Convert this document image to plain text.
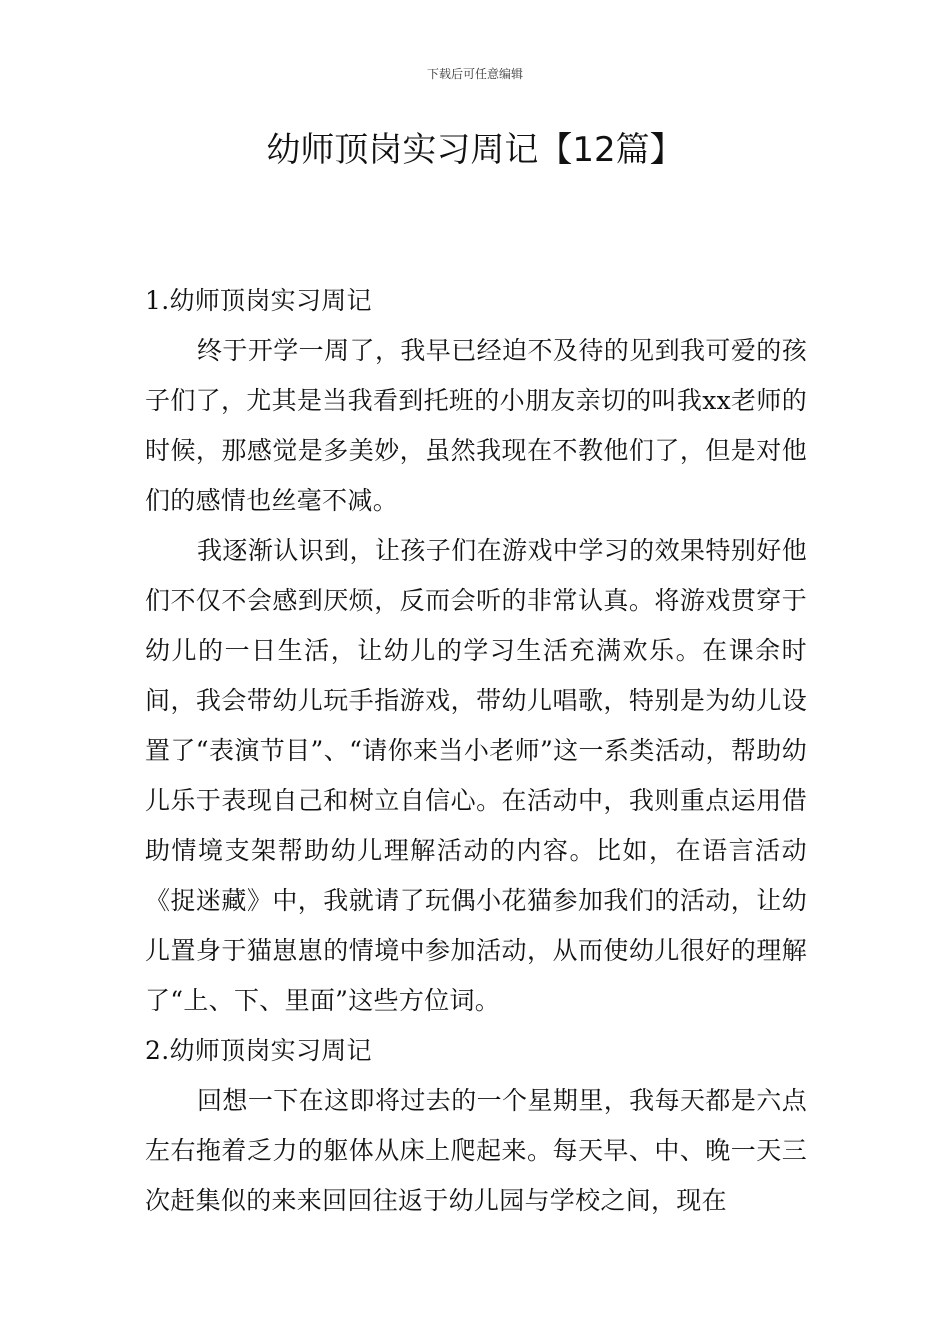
下载后可任意编辑
幼师顶岗实习周记【12篇】

1.幼师顶岗实习周记

终于开学一周了，我早已经迫不及待的见到我可爱的孩子们了，尤其是当我看到托班的小朋友亲切的叫我xx老师的时候，那感觉是多美妙，虽然我现在不教他们了，但是对他们的感情也丝毫不减。

我逐渐认识到，让孩子们在游戏中学习的效果特别好他们不仅不会感到厌烦，反而会听的非常认真。将游戏贯穿于幼儿的一日生活，让幼儿的学习生活充满欢乐。在课余时间，我会带幼儿玩手指游戏，带幼儿唱歌，特别是为幼儿设置了“表演节目”、“请你来当小老师”这一系类活动，帮助幼儿乐于表现自己和树立自信心。在活动中，我则重点运用借助情境支架帮助幼儿理解活动的内容。比如，在语言活动《捉迷藏》中，我就请了玩偶小花猫参加我们的活动，让幼儿置身于猫崽崽的情境中参加活动，从而使幼儿很好的理解了“上、下、里面”这些方位词。

2.幼师顶岗实习周记

回想一下在这即将过去的一个星期里，我每天都是六点左右拖着乏力的躯体从床上爬起来。每天早、中、晚一天三次赶集似的来来回回往返于幼儿园与学校之间，现在
